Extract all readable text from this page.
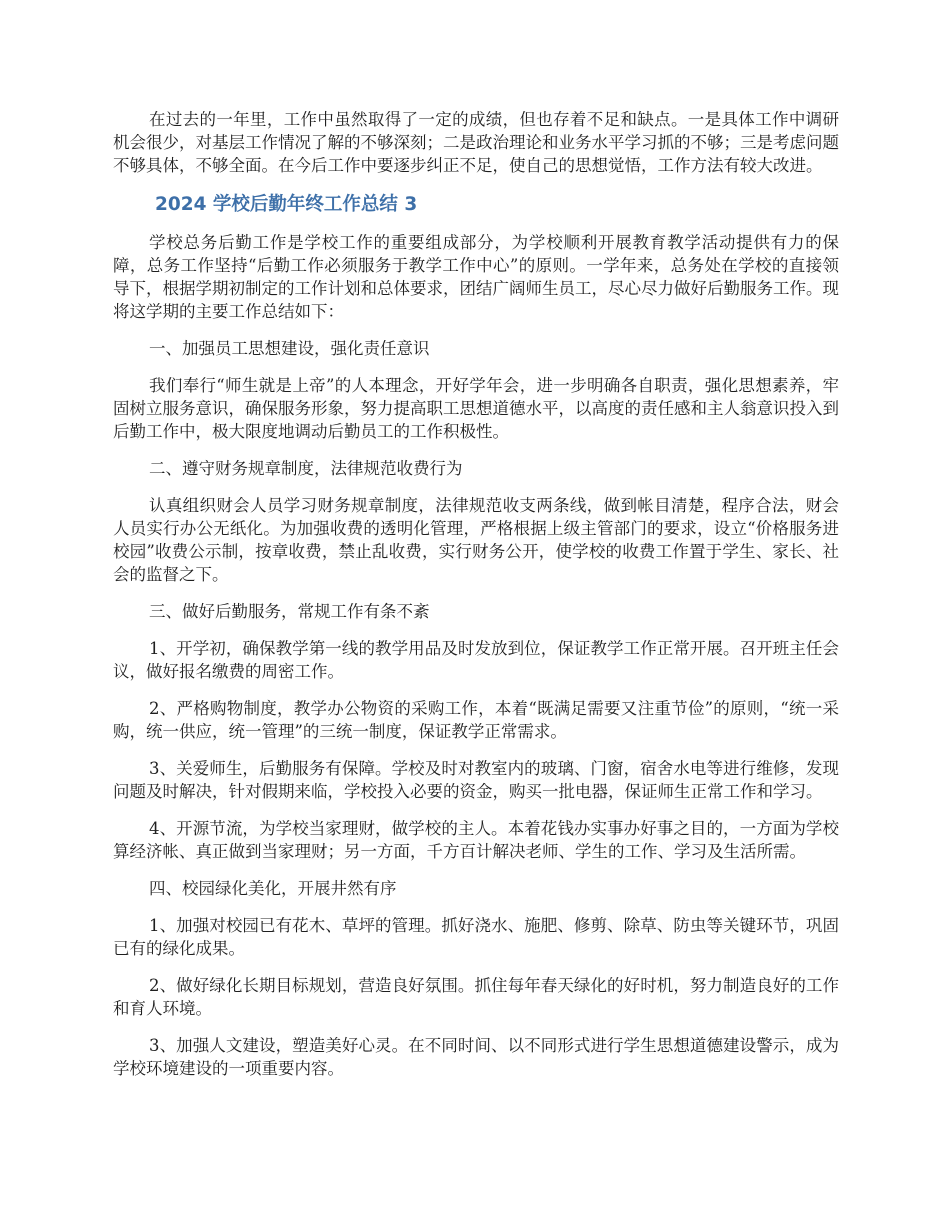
在过去的一年里，工作中虽然取得了一定的成绩，但也存着不足和缺点。一是具体工作中调研机会很少，对基层工作情况了解的不够深刻；二是政治理论和业务水平学习抓的不够；三是考虑问题不够具体，不够全面。在今后工作中要逐步纠正不足，使自己的思想觉悟，工作方法有较大改进。

2024 学校后勤年终工作总结 3

学校总务后勤工作是学校工作的重要组成部分，为学校顺利开展教育教学活动提供有力的保障，总务工作坚持“后勤工作必须服务于教学工作中心”的原则。一学年来，总务处在学校的直接领导下，根据学期初制定的工作计划和总体要求，团结广阔师生员工，尽心尽力做好后勤服务工作。现将这学期的主要工作总结如下：

一、加强员工思想建设，强化责任意识

我们奉行“师生就是上帝”的人本理念，开好学年会，进一步明确各自职责，强化思想素养，牢固树立服务意识，确保服务形象，努力提高职工思想道德水平，以高度的责任感和主人翁意识投入到后勤工作中，极大限度地调动后勤员工的工作积极性。

二、遵守财务规章制度，法律规范收费行为

认真组织财会人员学习财务规章制度，法律规范收支两条线，做到帐目清楚，程序合法，财会人员实行办公无纸化。为加强收费的透明化管理，严格根据上级主管部门的要求，设立“价格服务进校园”收费公示制，按章收费，禁止乱收费，实行财务公开，使学校的收费工作置于学生、家长、社会的监督之下。

三、做好后勤服务，常规工作有条不紊

1、开学初，确保教学第一线的教学用品及时发放到位，保证教学工作正常开展。召开班主任会议，做好报名缴费的周密工作。

2、严格购物制度，教学办公物资的采购工作，本着“既满足需要又注重节俭”的原则，“统一采购，统一供应，统一管理”的三统一制度，保证教学正常需求。

3、关爱师生，后勤服务有保障。学校及时对教室内的玻璃、门窗，宿舍水电等进行维修，发现问题及时解决，针对假期来临，学校投入必要的资金，购买一批电器，保证师生正常工作和学习。

4、开源节流，为学校当家理财，做学校的主人。本着花钱办实事办好事之目的，一方面为学校算经济帐、真正做到当家理财；另一方面，千方百计解决老师、学生的工作、学习及生活所需。

四、校园绿化美化，开展井然有序

1、加强对校园已有花木、草坪的管理。抓好浇水、施肥、修剪、除草、防虫等关键环节，巩固已有的绿化成果。

2、做好绿化长期目标规划，营造良好氛围。抓住每年春天绿化的好时机，努力制造良好的工作和育人环境。

3、加强人文建设，塑造美好心灵。在不同时间、以不同形式进行学生思想道德建设警示，成为学校环境建设的一项重要内容。
